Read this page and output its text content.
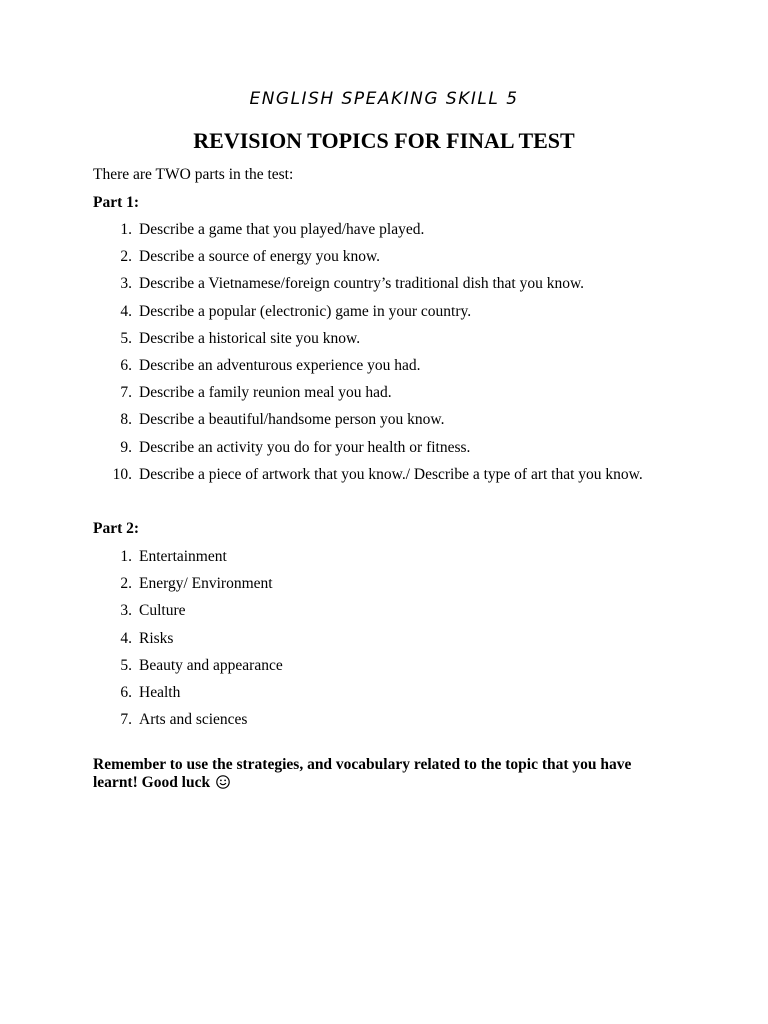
ENGLISH SPEAKING SKILL 5
REVISION TOPICS FOR FINAL TEST
There are TWO parts in the test:
Part 1:
1. Describe a game that you played/have played.
2. Describe a source of energy you know.
3. Describe a Vietnamese/foreign country’s traditional dish that you know.
4. Describe a popular (electronic) game in your country.
5. Describe a historical site you know.
6. Describe an adventurous experience you had.
7. Describe a family reunion meal you had.
8. Describe a beautiful/handsome person you know.
9. Describe an activity you do for your health or fitness.
10. Describe a piece of artwork that you know./ Describe a type of art that you know.
Part 2:
1. Entertainment
2. Energy/ Environment
3. Culture
4. Risks
5. Beauty and appearance
6. Health
7. Arts and sciences
Remember to use the strategies, and vocabulary related to the topic that you have learnt! Good luck
